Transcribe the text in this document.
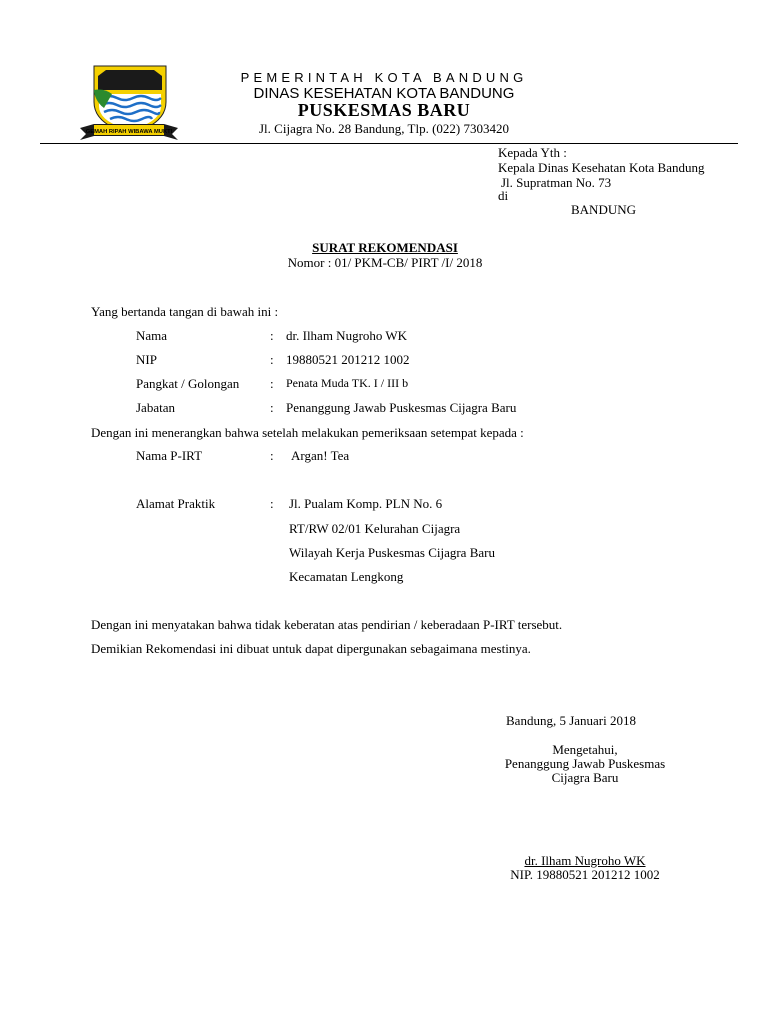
GEMAH RIPAH WIBAWA MUKTI
PEMERINTAH KOTA BANDUNG
DINAS KESEHATAN KOTA BANDUNG
PUSKESMAS BARU
Jl. Cijagra No. 28 Bandung, Tlp. (022) 7303420
Kepada Yth :
Kepala Dinas Kesehatan Kota Bandung
Jl. Supratman No. 73
di
BANDUNG
SURAT REKOMENDASI
Nomor : 01/ PKM-CB/ PIRT /I/ 2018
Yang bertanda tangan di bawah ini :
Nama	: dr. Ilham Nugroho WK
NIP	: 19880521 201212 1002
Pangkat / Golongan : Penata Muda TK. I / III b
Jabatan	: Penanggung Jawab Puskesmas Cijagra Baru
Dengan ini menerangkan bahwa setelah melakukan pemeriksaan setempat kepada :
Nama P-IRT	: Argan! Tea
Alamat Praktik	: Jl. Pualam Komp. PLN No. 6
RT/RW 02/01 Kelurahan Cijagra
Wilayah Kerja Puskesmas Cijagra Baru
Kecamatan Lengkong
Dengan ini menyatakan bahwa tidak keberatan atas pendirian / keberadaan P-IRT tersebut.
Demikian Rekomendasi ini dibuat untuk dapat dipergunakan sebagaimana mestinya.
Bandung, 5 Januari 2018
Mengetahui,
Penanggung Jawab Puskesmas
Cijagra Baru
dr. Ilham Nugroho WK
NIP. 19880521 201212 1002
